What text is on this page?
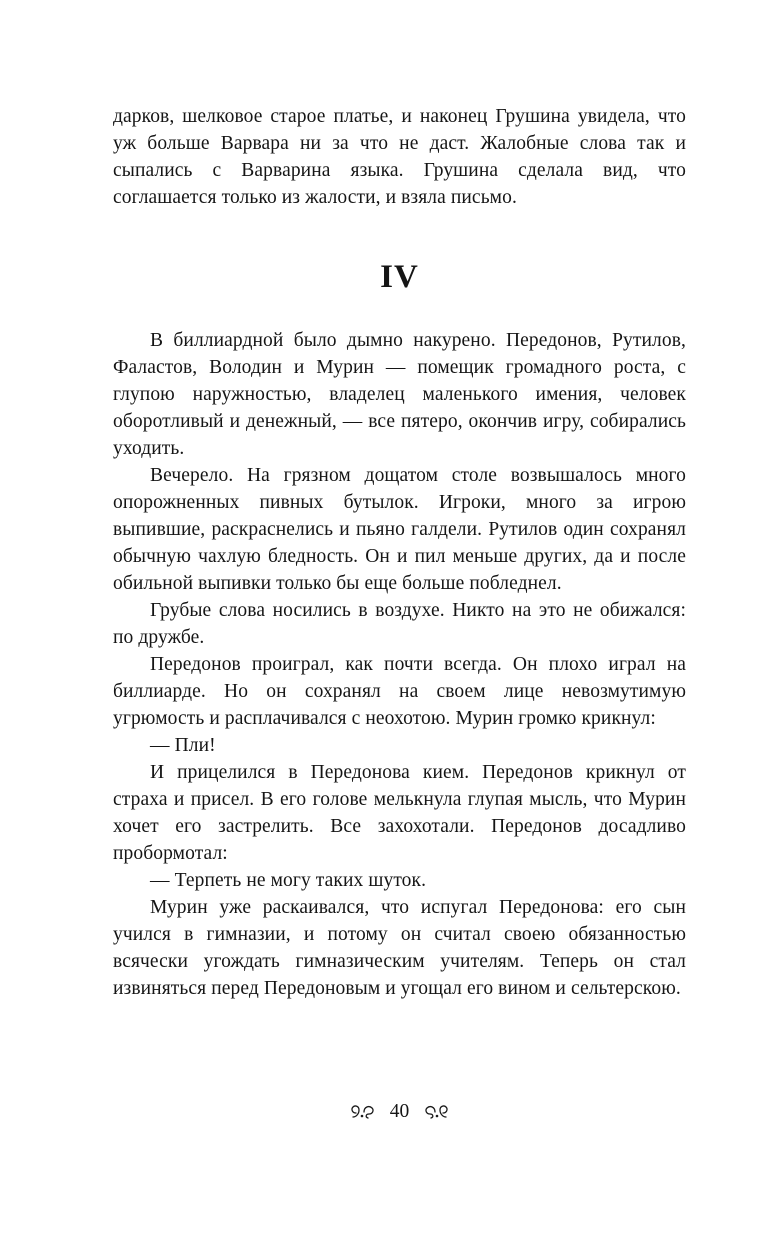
дарков, шелковое старое платье, и наконец Грушина увидела, что уж больше Варвара ни за что не даст. Жалобные слова так и сыпались с Варварина языка. Грушина сделала вид, что соглашается только из жалости, и взяла письмо.

IV

В биллиардной было дымно накурено. Передонов, Рутилов, Фаластов, Володин и Мурин — помещик громадного роста, с глупою наружностью, владелец маленького имения, человек оборотливый и денежный, — все пятеро, окончив игру, собирались уходить.

Вечерело. На грязном дощатом столе возвышалось много опорожненных пивных бутылок. Игроки, много за игрою выпившие, раскраснелись и пьяно галдели. Рутилов один сохранял обычную чахлую бледность. Он и пил меньше других, да и после обильной выпивки только бы еще больше побледнел.

Грубые слова носились в воздухе. Никто на это не обижался: по дружбе.

Передонов проиграл, как почти всегда. Он плохо играл на биллиарде. Но он сохранял на своем лице невозмутимую угрюмость и расплачивался с неохотою. Мурин громко крикнул:

— Пли!

И прицелился в Передонова кием. Передонов крикнул от страха и присел. В его голове мелькнула глупая мысль, что Мурин хочет его застрелить. Все захохотали. Передонов досадливо пробормотал:

— Терпеть не могу таких шуток.

Мурин уже раскаивался, что испугал Передонова: его сын учился в гимназии, и потому он считал своею обязанностью всячески угождать гимназическим учителям. Теперь он стал извиняться перед Передоновым и угощал его вином и сельтерскою.

40
